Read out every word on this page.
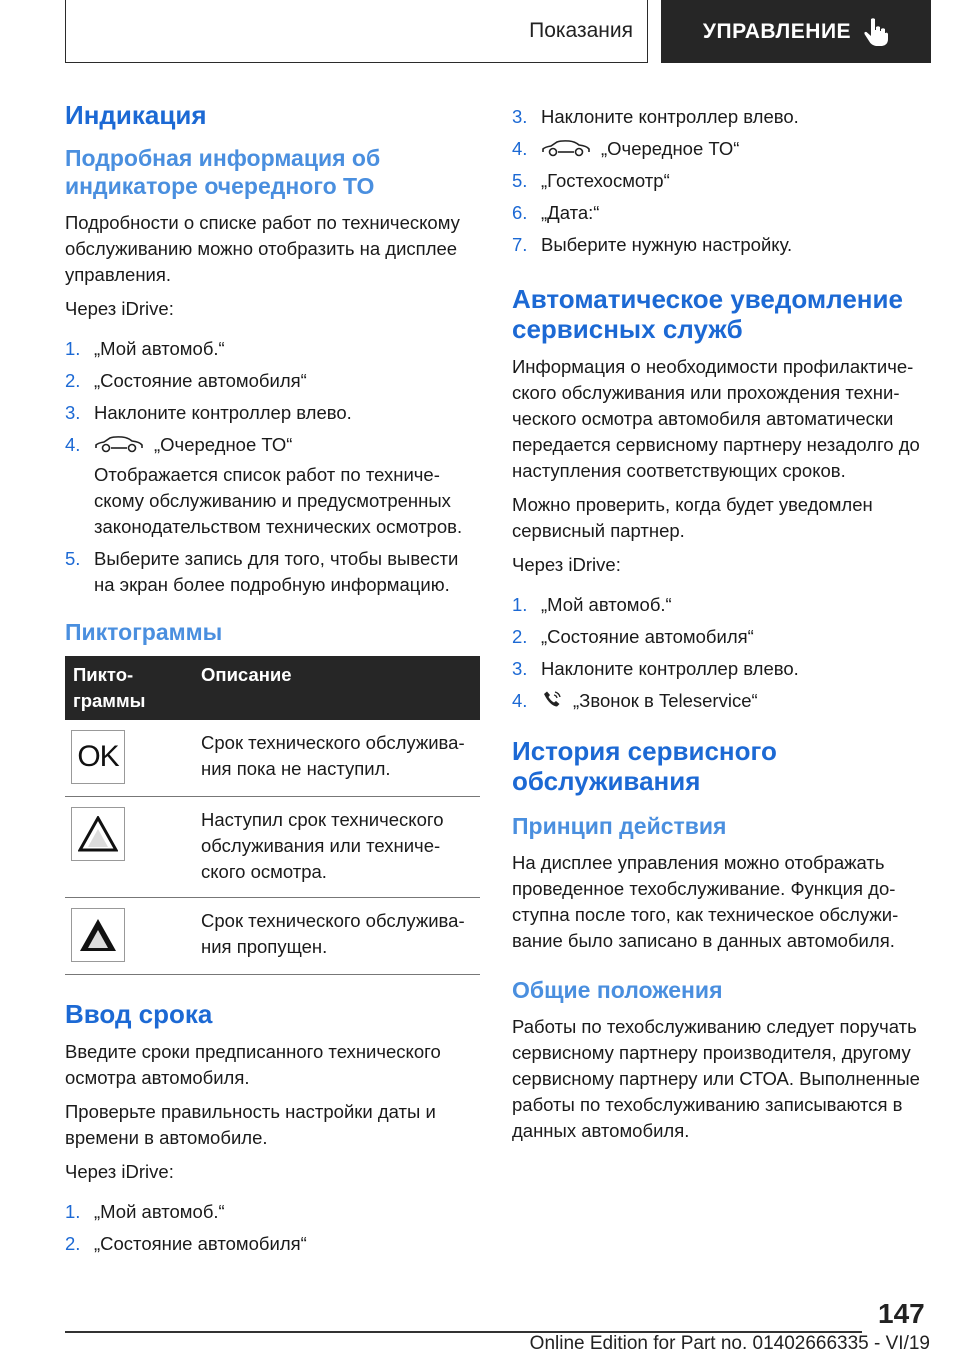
Показания	УПРАВЛЕНИЕ
Индикация
Подробная информация об индикаторе очередного ТО

Подробности о списке работ по техническому обслуживанию можно отобразить на дисплее управления.

Через iDrive:

1. „Мой автомоб.“
2. „Состояние автомобиля“
3. Наклоните контроллер влево.
4.	„Очередное ТО“
Отображается список работ по техническому обслуживанию и предусмотренных законодательством технических осмотров.
5. Выберите запись для того, чтобы вывести на экран более подробную информацию.
Пиктограммы
Пиктограммы	Описание

OK	Срок технического обслуживания пока не наступил.

	Наступил срок технического обслуживания или технического осмотра.

	Срок технического обслуживания пропущен.
Ввод срока

Введите сроки предписанного технического осмотра автомобиля.

Проверьте правильность настройки даты и времени в автомобиле.

Через iDrive:

1. „Мой автомоб.“
2. „Состояние автомобиля“
3. Наклоните контроллер влево.
4.	„Очередное ТО“
5. „Гостехосмотр“
6. „Дата:“
7. Выберите нужную настройку.
Автоматическое уведомление сервисных служб

Информация о необходимости профилактического обслуживания или прохождения технического осмотра автомобиля автоматически передается сервисному партнеру незадолго до наступления соответствующих сроков.

Можно проверить, когда будет уведомлен сервисный партнер.

Через iDrive:

1. „Мой автомоб.“
2. „Состояние автомобиля“
3. Наклоните контроллер влево.
4.	„Звонок в Teleservice“
История сервисного обслуживания
Принцип действия

На дисплее управления можно отображать проведенное техобслуживание. Функция доступна после того, как техническое обслуживание было записано в данных автомобиля.

Общие положения

Работы по техобслуживанию следует поручать сервисному партнеру производителя, другому сервисному партнеру или СТОА. Выполненные работы по техобслуживанию записываются в данных автомобиля.

147
Online Edition for Part no. 01402666335 - VI/19
